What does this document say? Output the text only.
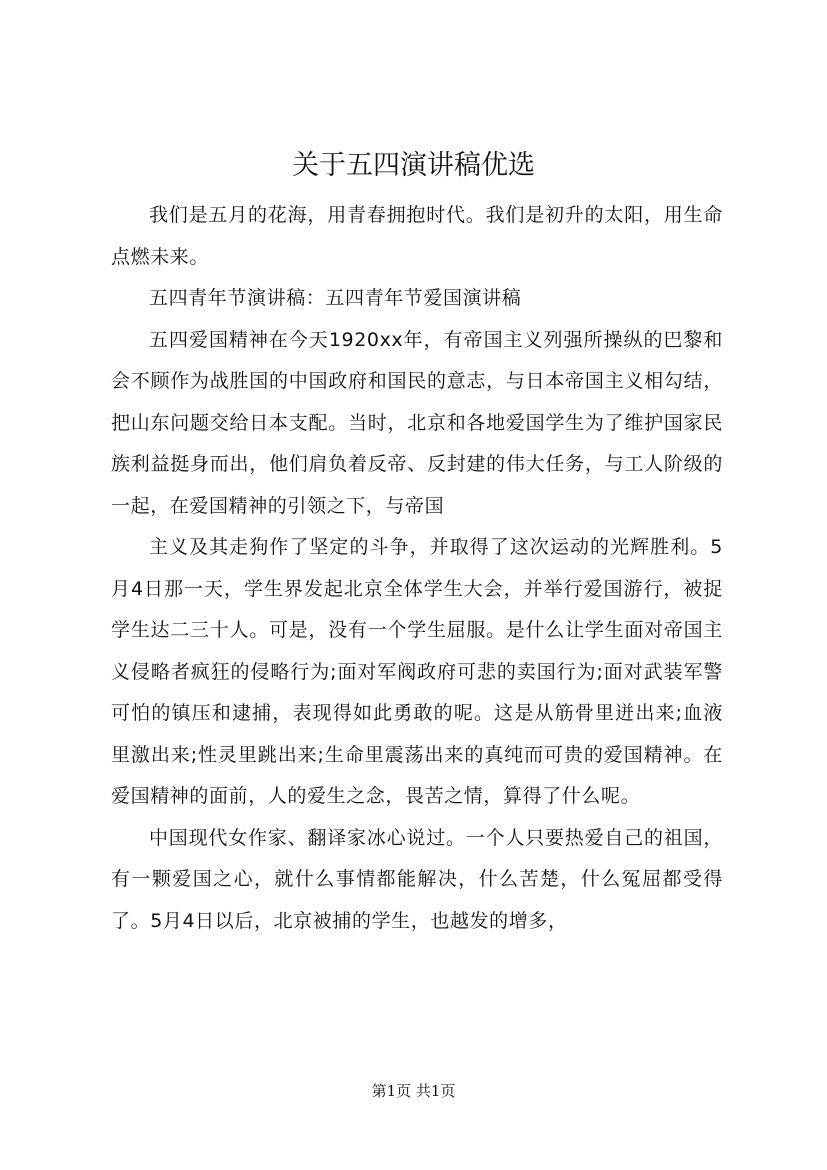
关于五四演讲稿优选

我们是五月的花海，用青春拥抱时代。我们是初升的太阳，用生命点燃未来。

五四青年节演讲稿：五四青年节爱国演讲稿

五四爱国精神在今天1920xx年，有帝国主义列强所操纵的巴黎和会不顾作为战胜国的中国政府和国民的意志，与日本帝国主义相勾结，把山东问题交给日本支配。当时，北京和各地爱国学生为了维护国家民族利益挺身而出，他们肩负着反帝、反封建的伟大任务，与工人阶级的一起，在爱国精神的引领之下，与帝国

主义及其走狗作了坚定的斗争，并取得了这次运动的光辉胜利。5月4日那一天，学生界发起北京全体学生大会，并举行爱国游行，被捉学生达二三十人。可是，没有一个学生屈服。是什么让学生面对帝国主义侵略者疯狂的侵略行为;面对军阀政府可悲的卖国行为;面对武装军警可怕的镇压和逮捕，表现得如此勇敢的呢。这是从筋骨里迸出来;血液里激出来;性灵里跳出来;生命里震荡出来的真纯而可贵的爱国精神。在爱国精神的面前，人的爱生之念，畏苦之情，算得了什么呢。

中国现代女作家、翻译家冰心说过。一个人只要热爱自己的祖国，有一颗爱国之心，就什么事情都能解决，什么苦楚，什么冤屈都受得了。5月4日以后，北京被捕的学生，也越发的增多，

第1页 共1页
